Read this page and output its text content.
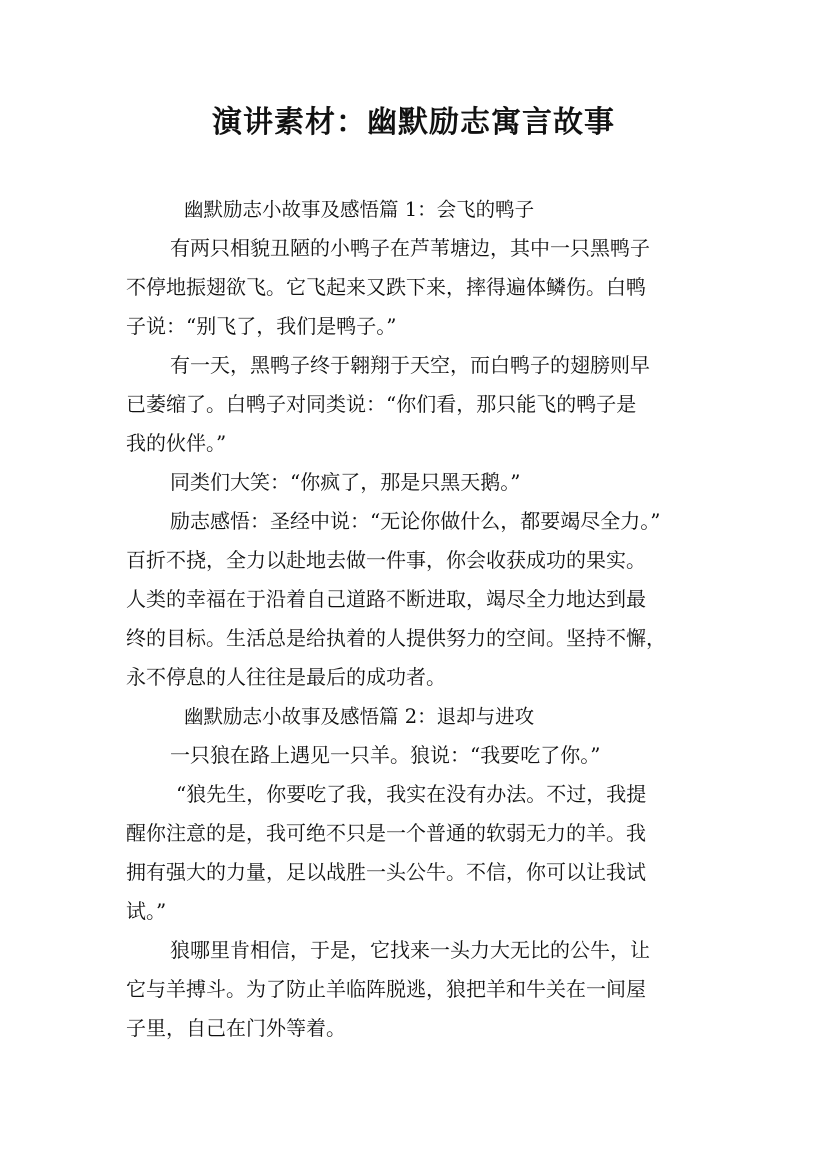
演讲素材：幽默励志寓言故事
幽默励志小故事及感悟篇 1：会飞的鸭子
有两只相貌丑陋的小鸭子在芦苇塘边，其中一只黑鸭子
不停地振翅欲飞。它飞起来又跌下来，摔得遍体鳞伤。白鸭
子说：“别飞了，我们是鸭子。”
有一天，黑鸭子终于翱翔于天空，而白鸭子的翅膀则早
已萎缩了。白鸭子对同类说：“你们看，那只能飞的鸭子是
我的伙伴。”
同类们大笑：“你疯了，那是只黑天鹅。”
励志感悟：圣经中说：“无论你做什么，都要竭尽全力。”
百折不挠，全力以赴地去做一件事，你会收获成功的果实。
人类的幸福在于沿着自己道路不断进取，竭尽全力地达到最
终的目标。生活总是给执着的人提供努力的空间。坚持不懈，
永不停息的人往往是最后的成功者。
幽默励志小故事及感悟篇 2：退却与进攻
一只狼在路上遇见一只羊。狼说：“我要吃了你。”
“狼先生，你要吃了我，我实在没有办法。不过，我提
醒你注意的是，我可绝不只是一个普通的软弱无力的羊。我
拥有强大的力量，足以战胜一头公牛。不信，你可以让我试
试。”
狼哪里肯相信，于是，它找来一头力大无比的公牛，让
它与羊搏斗。为了防止羊临阵脱逃，狼把羊和牛关在一间屋
子里，自己在门外等着。
